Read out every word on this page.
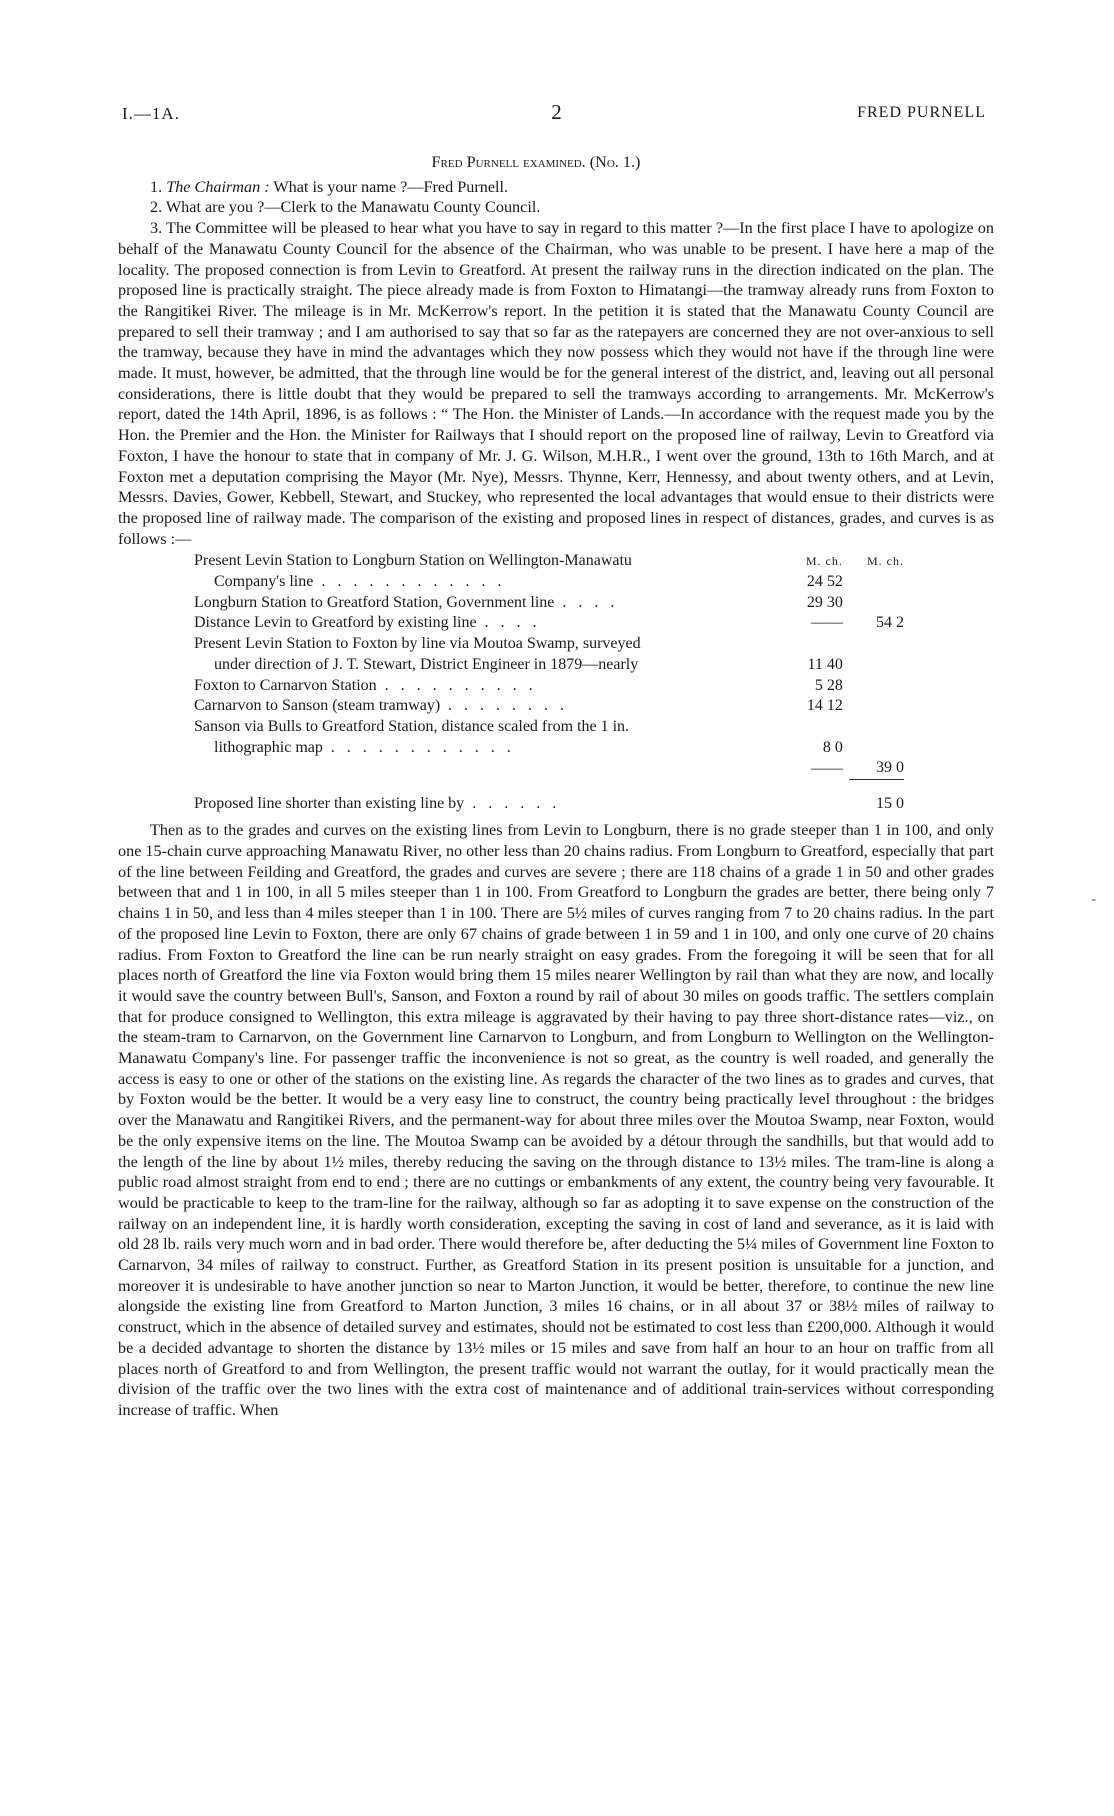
I.—1A.	2	FRED PURNELL

Fred Purnell examined. (No. 1.)

1. The Chairman : What is your name ?—Fred Purnell.

2. What are you ?—Clerk to the Manawatu County Council.

3. The Committee will be pleased to hear what you have to say in regard to this matter ?—In the first place I have to apologize on behalf of the Manawatu County Council for the absence of the Chairman, who was unable to be present. I have here a map of the locality. The proposed connection is from Levin to Greatford. At present the railway runs in the direction indicated on the plan. The proposed line is practically straight. The piece already made is from Foxton to Himatangi—the tramway already runs from Foxton to the Rangitikei River. The mileage is in Mr. McKerrow's report. In the petition it is stated that the Manawatu County Council are prepared to sell their tramway ; and I am authorised to say that so far as the ratepayers are concerned they are not over-anxious to sell the tramway, because they have in mind the advantages which they now possess which they would not have if the through line were made. It must, however, be admitted, that the through line would be for the general interest of the district, and, leaving out all personal considerations, there is little doubt that they would be prepared to sell the tramways according to arrangements. Mr. McKerrow's report, dated the 14th April, 1896, is as follows : “ The Hon. the Minister of Lands.—In accordance with the request made you by the Hon. the Premier and the Hon. the Minister for Railways that I should report on the proposed line of railway, Levin to Greatford via Foxton, I have the honour to state that in company of Mr. J. G. Wilson, M.H.R., I went over the ground, 13th to 16th March, and at Foxton met a deputation comprising the Mayor (Mr. Nye), Messrs. Thynne, Kerr, Hennessy, and about twenty others, and at Levin, Messrs. Davies, Gower, Kebbell, Stewart, and Stuckey, who represented the local advantages that would ensue to their districts were the proposed line of railway made. The comparison of the existing and proposed lines in respect of distances, grades, and curves is as follows :—

Present Levin Station to Longburn Station on Wellington-Manawatu	M. ch.	M. ch.
Company's line . . . . . . . . . . . .	24 52	
Longburn Station to Greatford Station, Government line . . . .	29 30	
Distance Levin to Greatford by existing line . . . .	——	54 2
Present Levin Station to Foxton by line via Moutoa Swamp, surveyed		
under direction of J. T. Stewart, District Engineer in 1879—nearly	11 40	
Foxton to Carnarvon Station . . . . . . . . . .	5 28	
Carnarvon to Sanson (steam tramway) . . . . . . . .	14 12	
Sanson via Bulls to Greatford Station, distance scaled from the 1 in.		
lithographic map . . . . . . . . . . . .	8 0	
	——	39 0

Proposed line shorter than existing line by . . . . . .		15 0

Then as to the grades and curves on the existing lines from Levin to Longburn, there is no grade steeper than 1 in 100, and only one 15-chain curve approaching Manawatu River, no other less than 20 chains radius. From Longburn to Greatford, especially that part of the line between Feilding and Greatford, the grades and curves are severe ; there are 118 chains of a grade 1 in 50 and other grades between that and 1 in 100, in all 5 miles steeper than 1 in 100. From Greatford to Longburn the grades are better, there being only 7 chains 1 in 50, and less than 4 miles steeper than 1 in 100. There are 5½ miles of curves ranging from 7 to 20 chains radius. In the part of the proposed line Levin to Foxton, there are only 67 chains of grade between 1 in 59 and 1 in 100, and only one curve of 20 chains radius. From Foxton to Greatford the line can be run nearly straight on easy grades. From the foregoing it will be seen that for all places north of Greatford the line via Foxton would bring them 15 miles nearer Wellington by rail than what they are now, and locally it would save the country between Bull's, Sanson, and Foxton a round by rail of about 30 miles on goods traffic. The settlers complain that for produce consigned to Wellington, this extra mileage is aggravated by their having to pay three short-distance rates—viz., on the steam-tram to Carnarvon, on the Government line Carnarvon to Longburn, and from Longburn to Wellington on the Wellington-Manawatu Company's line. For passenger traffic the inconvenience is not so great, as the country is well roaded, and generally the access is easy to one or other of the stations on the existing line. As regards the character of the two lines as to grades and curves, that by Foxton would be the better. It would be a very easy line to construct, the country being practically level throughout : the bridges over the Manawatu and Rangitikei Rivers, and the permanent-way for about three miles over the Moutoa Swamp, near Foxton, would be the only expensive items on the line. The Moutoa Swamp can be avoided by a détour through the sandhills, but that would add to the length of the line by about 1½ miles, thereby reducing the saving on the through distance to 13½ miles. The tram-line is along a public road almost straight from end to end ; there are no cuttings or embankments of any extent, the country being very favourable. It would be practicable to keep to the tram-line for the railway, although so far as adopting it to save expense on the construction of the railway on an independent line, it is hardly worth consideration, excepting the saving in cost of land and severance, as it is laid with old 28 lb. rails very much worn and in bad order. There would therefore be, after deducting the 5¼ miles of Government line Foxton to Carnarvon, 34 miles of railway to construct. Further, as Greatford Station in its present position is unsuitable for a junction, and moreover it is undesirable to have another junction so near to Marton Junction, it would be better, therefore, to continue the new line alongside the existing line from Greatford to Marton Junction, 3 miles 16 chains, or in all about 37 or 38½ miles of railway to construct, which in the absence of detailed survey and estimates, should not be estimated to cost less than £200,000. Although it would be a decided advantage to shorten the distance by 13½ miles or 15 miles and save from half an hour to an hour on traffic from all places north of Greatford to and from Wellington, the present traffic would not warrant the outlay, for it would practically mean the division of the traffic over the two lines with the extra cost of maintenance and of additional train-services without corresponding increase of traffic. When

-
